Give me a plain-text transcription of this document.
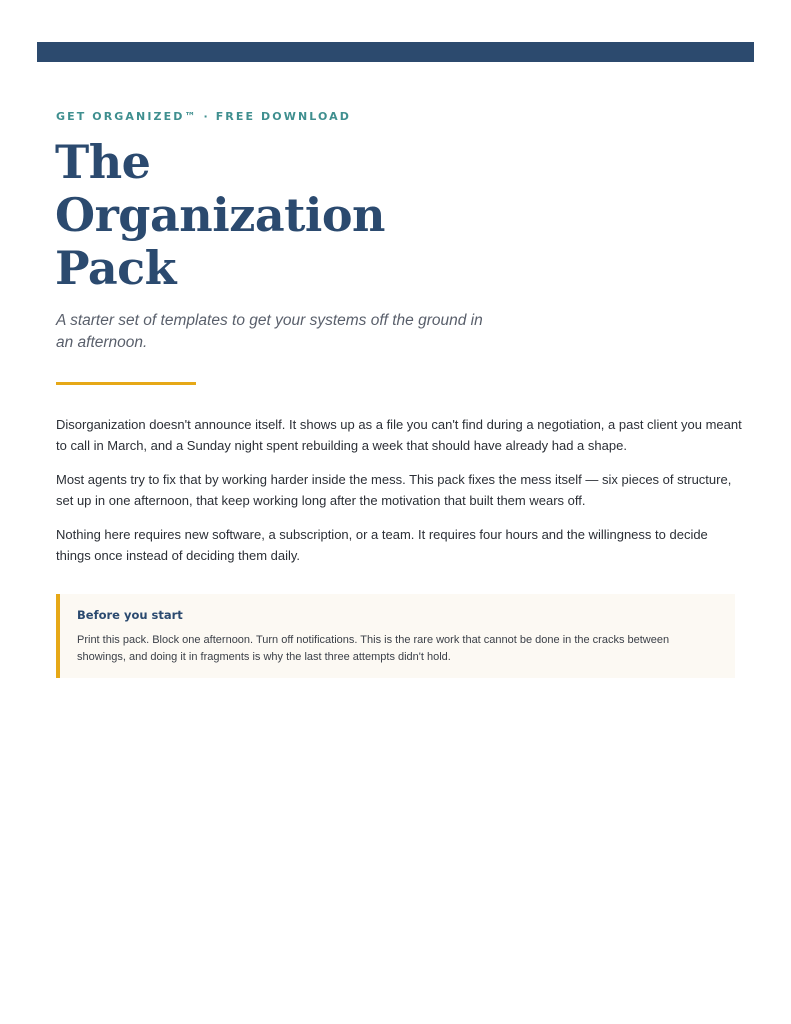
GET ORGANIZED™ · FREE DOWNLOAD
The
Organization
Pack

A starter set of templates to get your systems off the ground in an afternoon.

Disorganization doesn't announce itself. It shows up as a file you can't find during a negotiation, a past client you meant to call in March, and a Sunday night spent rebuilding a week that should have already had a shape.

Most agents try to fix that by working harder inside the mess. This pack fixes the mess itself — six pieces of structure, set up in one afternoon, that keep working long after the motivation that built them wears off.

Nothing here requires new software, a subscription, or a team. It requires four hours and the willingness to decide things once instead of deciding them daily.

Before you start

Print this pack. Block one afternoon. Turn off notifications. This is the rare work that cannot be done in the cracks between showings, and doing it in fragments is why the last three attempts didn't hold.
